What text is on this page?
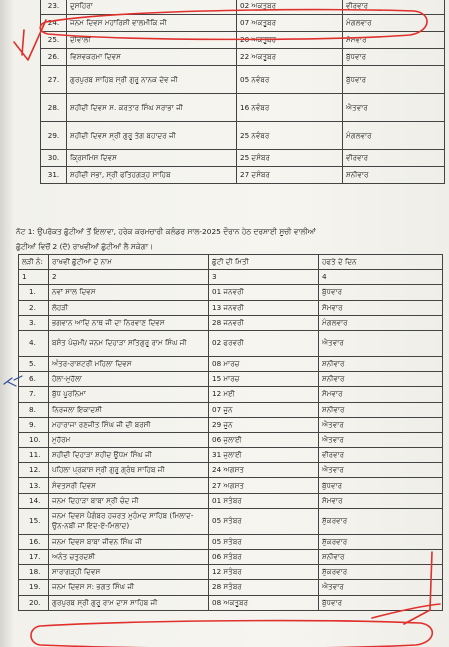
23.	ਦੁਸਹਿਰਾ	02 ਅਕਤੂਬਰ	ਵੀਰਵਾਰ
24.	ਜਨਮ ਦਿਵਸ ਮਹਾਂਰਿਸ਼ੀ ਵਾਲਮੀਕਿ ਜੀ	07 ਅਕਤੂਬਰ	ਮੰਗਲਵਾਰ
25.	ਦੀਵਾਲੀ	20 ਅਕਤੂਬਰ	ਸੋਮਵਾਰ
26.	ਵਿਸ਼ਵਕਰਮਾ ਦਿਵਸ	22 ਅਕਤੂਬਰ	ਬੁੱਧਵਾਰ
27.	ਗੁਰਪੁਰਬ ਸਾਹਿਬ ਸ੍ਰੀ ਗੁਰੂ ਨਾਨਕ ਦੇਵ ਜੀ	05 ਨਵੰਬਰ	ਬੁੱਧਵਾਰ
28.	ਸ਼ਹੀਦੀ ਦਿਵਸ ਸ. ਕਰਤਾਰ ਸਿੰਘ ਸਰਾਭਾ ਜੀ	16 ਨਵੰਬਰ	ਐਤਵਾਰ
29.	ਸ਼ਹੀਦੀ ਦਿਵਸ ਸ੍ਰੀ ਗੁਰੂ ਤੇਗ ਬਹਾਦਰ ਜੀ	25 ਨਵੰਬਰ	ਮੰਗਲਵਾਰ
30.	ਕ੍ਰਿਸਮਿਸ ਦਿਵਸ	25 ਦਸੰਬਰ	ਵੀਰਵਾਰ
31.	ਸ਼ਹੀਦੀ ਸਭਾ, ਸ੍ਰੀ ਫਤਿਹਗੜ੍ਹ ਸਾਹਿਬ	27 ਦਸੰਬਰ	ਸ਼ਨੀਵਾਰ
ਨੋਟ 1: ਉਪਰੋਕਤ ਛੁੱਟੀਆਂ ਤੋਂ ਇਲਾਵਾ, ਹਰੇਕ ਕਰਮਚਾਰੀ ਕਲੰਡਰ ਸਾਲ-2025 ਦੌਰਾਨ ਹੇਠ ਦਰਸਾਈ ਸੂਚੀ ਵਾਲੀਆਂ
ਛੁੱਟੀਆਂ ਵਿਚੋਂ 2 (ਦੋ) ਰਾਖਵੀਆਂ ਛੁੱਟੀਆਂ ਲੈ ਸਕੇਗਾ।
ਲੜੀ ਨੰ:	ਰਾਖਵੀਂ ਛੁੱਟੀਆਂ ਦੇ ਨਾਮ	ਛੁੱਟੀ ਦੀ ਮਿਤੀ	ਹਫਤੇ ਦੇ ਦਿਨ
1	2	3	4
1.	ਨਵਾਂ ਸਾਲ ਦਿਵਸ	01 ਜਨਵਰੀ	ਬੁੱਧਵਾਰ
2.	ਲੋਹੜੀ	13 ਜਨਵਰੀ	ਸੋਮਵਾਰ
3.	ਭਗਵਾਨ ਆਦਿ ਨਾਥ ਜੀ ਦਾ ਨਿਰਵਾਣ ਦਿਵਸ	28 ਜਨਵਰੀ	ਮੰਗਲਵਾਰ
4.	ਬਸੰਤ ਪੰਚਮੀ/ ਜਨਮ ਦਿਹਾੜਾ ਸਤਿਗੁਰੂ ਰਾਮ ਸਿੰਘ ਜੀ	02 ਫਰਵਰੀ	ਐਤਵਾਰ
5.	ਅੰਤਰ-ਰਾਸ਼ਟਰੀ ਮਹਿਲਾ ਦਿਵਸ	08 ਮਾਰਚ	ਸ਼ਨੀਵਾਰ
6.	ਹੋਲਾ-ਮੁਹੱਲਾ	15 ਮਾਰਚ	ਸ਼ਨੀਵਾਰ
7.	ਬੁੱਧ ਪੂਰਨਿਮਾ	12 ਮਈ	ਸੋਮਵਾਰ
8.	ਨਿਰਜਲਾ ਇਕਾਦਸ਼ੀ	07 ਜੂਨ	ਸ਼ਨੀਵਾਰ
9.	ਮਹਾਰਾਜਾ ਰਣਜੀਤ ਸਿੰਘ ਜੀ ਦੀ ਬਰਸੀ	29 ਜੂਨ	ਐਤਵਾਰ
10.	ਮੁਹੱਰਮ	06 ਜੁਲਾਈ	ਐਤਵਾਰ
11.	ਸ਼ਹੀਦੀ ਦਿਹਾੜਾ ਸ਼ਹੀਦ ਊਧਮ ਸਿੰਘ ਜੀ	31 ਜੁਲਾਈ	ਵੀਰਵਾਰ
12.	ਪਹਿਲਾ ਪ੍ਰਕਾਸ਼ ਸ੍ਰੀ ਗੁਰੂ ਗ੍ਰੰਥ ਸਾਹਿਬ ਜੀ	24 ਅਗਸਤ	ਐਤਵਾਰ
13.	ਸੰਵਤਸਰੀ ਦਿਵਸ	27 ਅਗਸਤ	ਬੁੱਧਵਾਰ
14.	ਜਨਮ ਦਿਹਾੜਾ ਬਾਬਾ ਸ੍ਰੀ ਚੰਦ ਜੀ	01 ਸਤੰਬਰ	ਸੋਮਵਾਰ
15.	ਜਨਮ ਦਿਵਸ ਪੈਗੰਬਰ ਹਜ਼ਰਤ ਮੁਹੰਮਦ ਸਾਹਿਬ (ਮਿਲਾਦ-ਉਨ-ਨਬੀ ਜਾਂ ਇਦ-ਏ-ਮਿਲਾਦ)	05 ਸਤੰਬਰ	ਸ਼ੁੱਕਰਵਾਰ
16.	ਜਨਮ ਦਿਵਸ ਬਾਬਾ ਜੀਵਨ ਸਿੰਘ ਜੀ	05 ਸਤੰਬਰ	ਸ਼ੁੱਕਰਵਾਰ
17.	ਅਨੰਤ ਚਤੁਰਦਸ਼ੀ	06 ਸਤੰਬਰ	ਸ਼ਨੀਵਾਰ
18.	ਸਾਰਾਗੜ੍ਹੀ ਦਿਵਸ	12 ਸਤੰਬਰ	ਸ਼ੁੱਕਰਵਾਰ
19.	ਜਨਮ ਦਿਵਸ ਸ: ਭਗਤ ਸਿੰਘ ਜੀ	28 ਸਤੰਬਰ	ਐਤਵਾਰ
20.	ਗੁਰਪੁਰਬ ਸ੍ਰੀ ਗੁਰੂ ਰਾਮ ਦਾਸ ਸਾਹਿਬ ਜੀ	08 ਅਕਤੂਬਰ	ਬੁੱਧਵਾਰ
